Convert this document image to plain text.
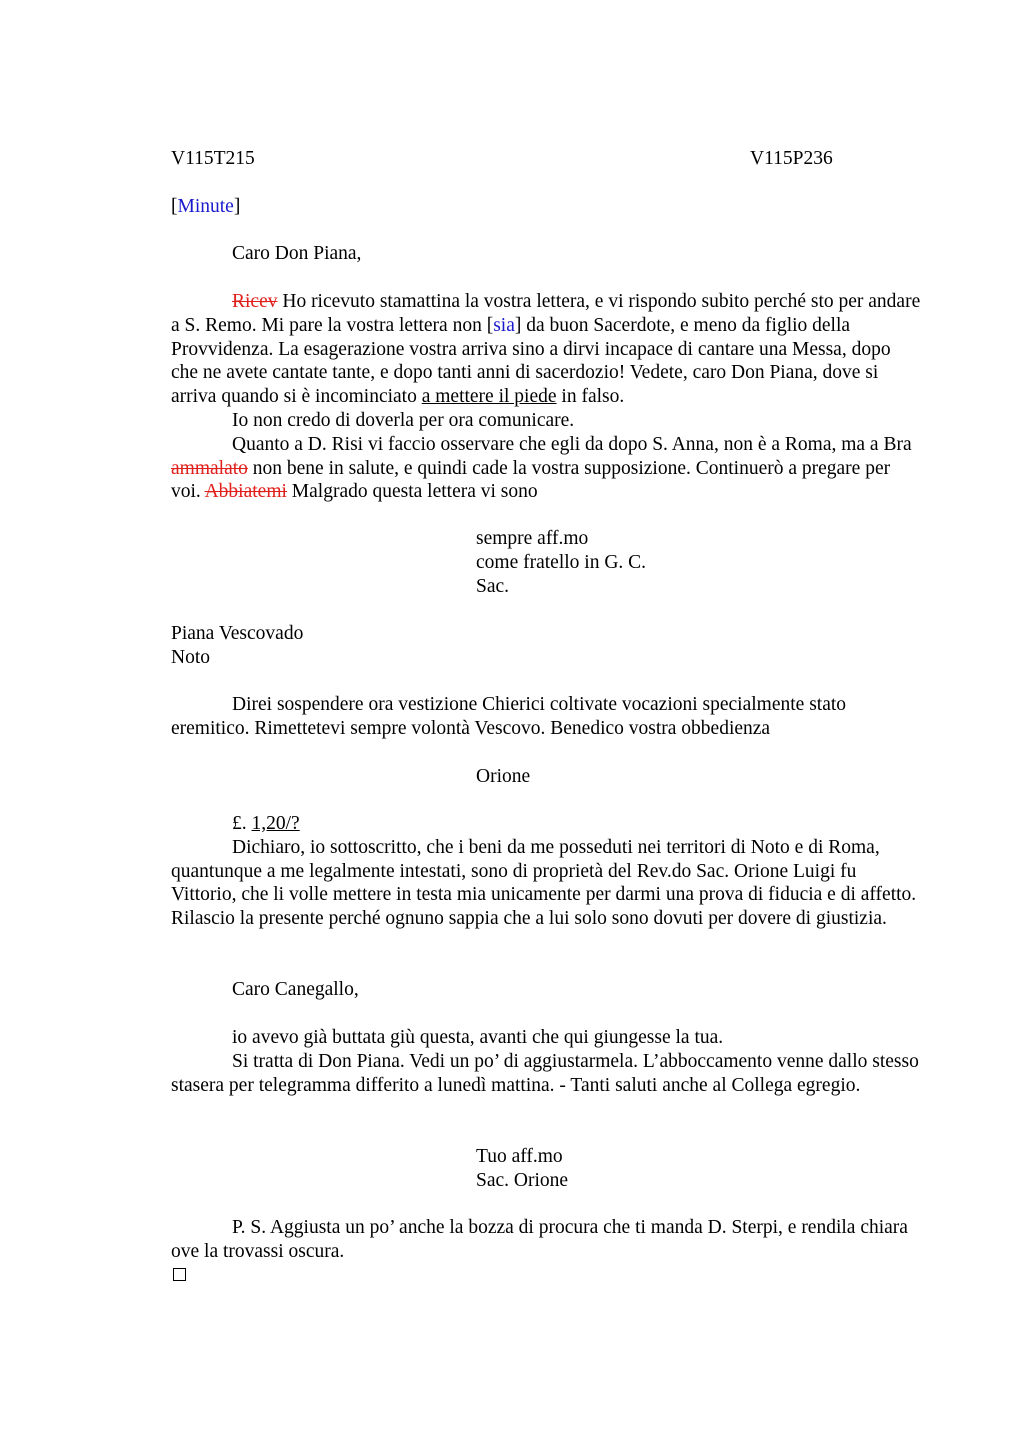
V115T215	V115P236
[Minute]

Caro Don Piana,

Ricev Ho ricevuto stamattina la vostra lettera, e vi rispondo subito perché sto per andare a S. Remo. Mi pare la vostra lettera non [sia] da buon Sacerdote, e meno da figlio della Provvidenza. La esagerazione vostra arriva sino a dirvi incapace di cantare una Messa, dopo che ne avete cantate tante, e dopo tanti anni di sacerdozio! Vedete, caro Don Piana, dove si arriva quando si è incominciato a mettere il piede in falso.

Io non credo di doverla per ora comunicare.

Quanto a D. Risi vi faccio osservare che egli da dopo S. Anna, non è a Roma, ma a Bra ammalato non bene in salute, e quindi cade la vostra supposizione. Continuerò a pregare per voi. Abbiatemi Malgrado questa lettera vi sono

sempre aff.mo
come fratello in G. C.
Sac.
Piana Vescovado
Noto

Direi sospendere ora vestizione Chierici coltivate vocazioni specialmente stato eremitico. Rimettetevi sempre volontà Vescovo. Benedico vostra obbedienza

Orione

£. 1,20/?

Dichiaro, io sottoscritto, che i beni da me posseduti nei territori di Noto e di Roma, quantunque a me legalmente intestati, sono di proprietà del Rev.do Sac. Orione Luigi fu Vittorio, che li volle mettere in testa mia unicamente per darmi una prova di fiducia e di affetto. Rilascio la presente perché ognuno sappia che a lui solo sono dovuti per dovere di giustizia.

Caro Canegallo,

io avevo già buttata giù questa, avanti che qui giungesse la tua.

Si tratta di Don Piana. Vedi un po’ di aggiustarmela. L’abboccamento venne dallo stesso stasera per telegramma differito a lunedì mattina. - Tanti saluti anche al Collega egregio.

Tuo aff.mo
Sac. Orione

P. S. Aggiusta un po’ anche la bozza di procura che ti manda D. Sterpi, e rendila chiara ove la trovassi oscura.
